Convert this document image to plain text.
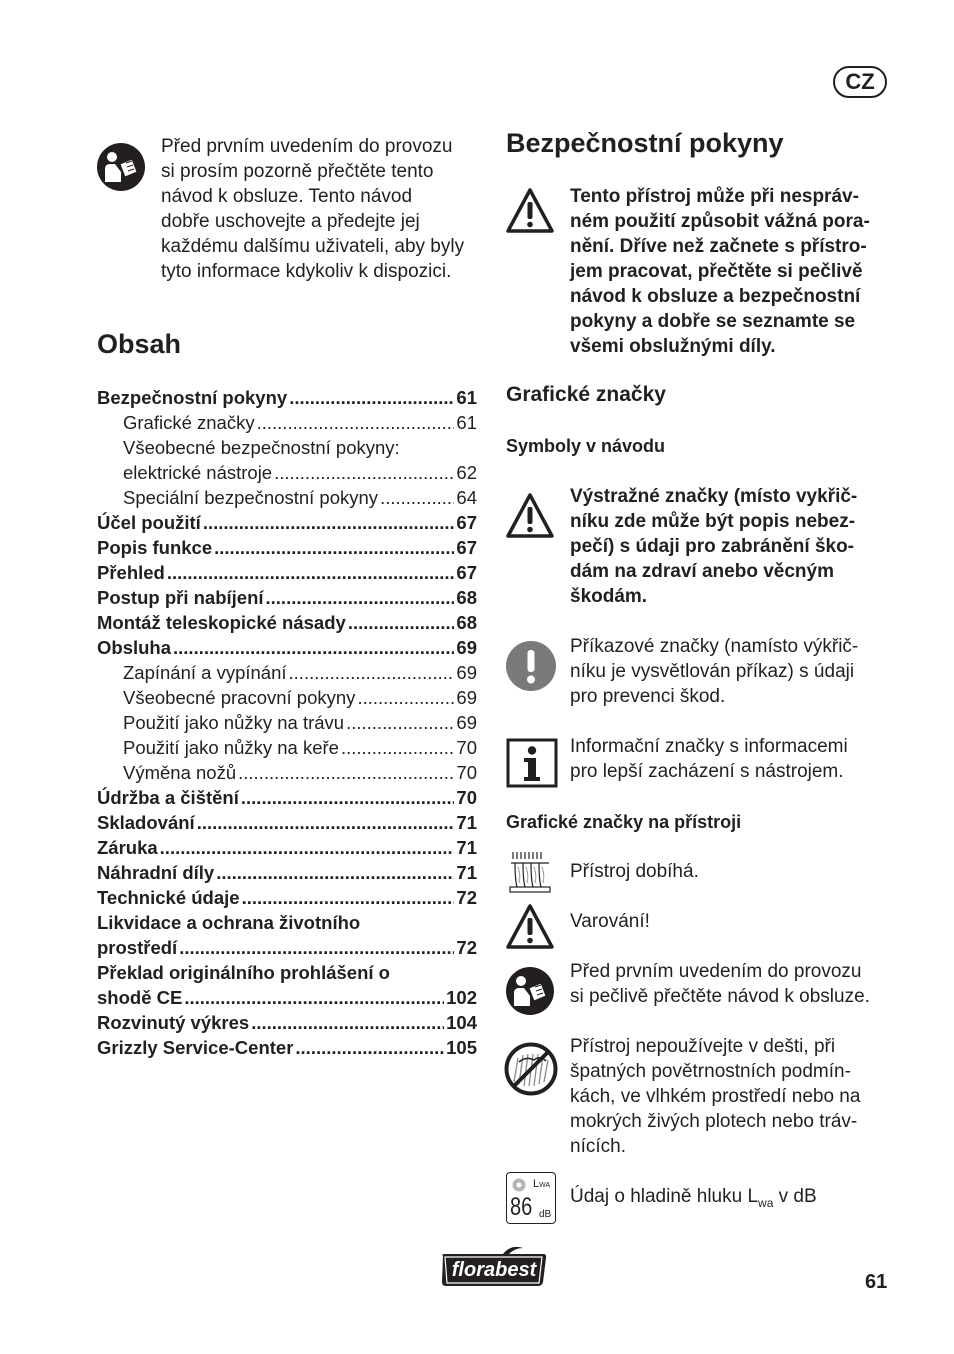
CZ
Před prvním uvedením do provozu
si prosím pozorně přečtěte tento
návod k obsluze. Tento návod
dobře uschovejte a předejte jej
každému dalšímu uživateli, aby byly
tyto informace kdykoliv k dispozici.
Obsah
Bezpečnostní pokyny .....	61
Grafické značky .....	61
Všeobecné bezpečnostní pokyny:
elektrické nástroje .....	62
Speciální bezpečnostní pokyny .....	64
Účel použití .....	67
Popis funkce .....	67
Přehled .....	67
Postup při nabíjení .....	68
Montáž teleskopické násady .....	68
Obsluha .....	69
Zapínání a vypínání .....	69
Všeobecné pracovní pokyny .....	69
Použití jako nůžky na trávu .....	69
Použití jako nůžky na keře .....	70
Výměna nožů .....	70
Údržba a čištění .....	70
Skladování .....	71
Záruka .....	71
Náhradní díly .....	71
Technické údaje .....	72
Likvidace a ochrana životního
prostředí .....	72
Překlad originálního prohlášení o
shodě CE .....	102
Rozvinutý výkres .....	104
Grizzly Service-Center .....	105
Bezpečnostní pokyny
Tento přístroj může při nespráv-
ném použití způsobit vážná pora-
nění. Dříve než začnete s přístro-
jem pracovat, přečtěte si pečlivě
návod k obsluze a bezpečnostní
pokyny a dobře se seznamte se
všemi obslužnými díly.
Grafické značky
Symboly v návodu
Výstražné značky (místo vykřič-
níku zde může být popis nebez-
pečí) s údaji pro zabránění ško-
dám na zdraví anebo věcným
škodám.
Příkazové značky (namísto výkřič-
níku je vysvětlován příkaz) s údaji
pro prevenci škod.
Informační značky s informacemi
pro lepší zacházení s nástrojem.
Grafické značky na přístroji
Přístroj dobíhá.
Varování!
Před prvním uvedením do provozu
si pečlivě přečtěte návod k obsluze.
Přístroj nepoužívejte v dešti, při
špatných povětrnostních podmín-
kách, ve vlhkém prostředí nebo na
mokrých živých plotech nebo tráv-
nících.
LWA
86 dB
Údaj o hladině hluku $L_{wa}$ v dB
florabest
61
